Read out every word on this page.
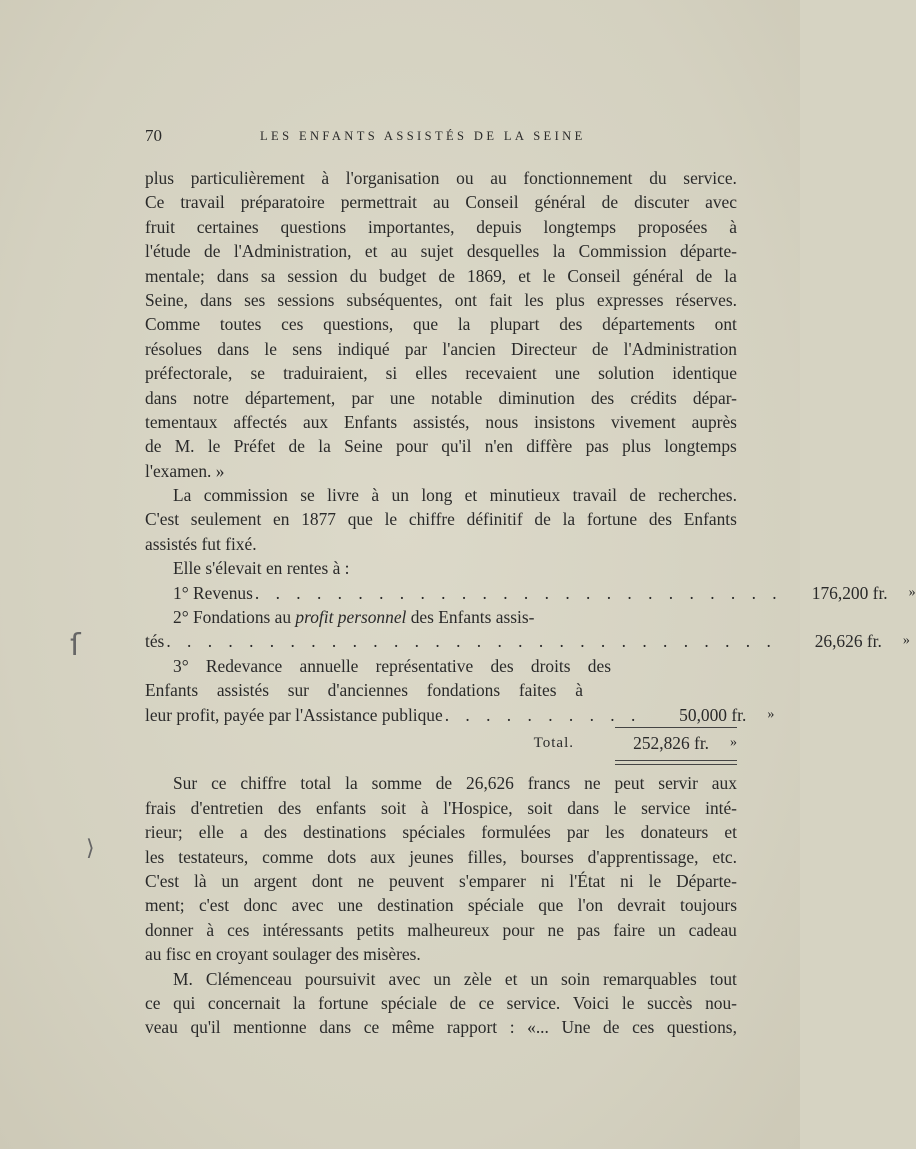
70	LES ENFANTS ASSISTÉS DE LA SEINE
ſ
⟩
plus particulièrement à l'organisation ou au fonctionnement du service.
Ce travail préparatoire permettrait au Conseil général de discuter avec
fruit certaines questions importantes, depuis longtemps proposées à
l'étude de l'Administration, et au sujet desquelles la Commission départe-
mentale; dans sa session du budget de 1869, et le Conseil général de la
Seine, dans ses sessions subséquentes, ont fait les plus expresses réserves.
Comme toutes ces questions, que la plupart des départements ont
résolues dans le sens indiqué par l'ancien Directeur de l'Administration
préfectorale, se traduiraient, si elles recevaient une solution identique
dans notre département, par une notable diminution des crédits dépar-
tementaux affectés aux Enfants assistés, nous insistons vivement auprès
de M. le Préfet de la Seine pour qu'il n'en diffère pas plus longtemps
l'examen. »
La commission se livre à un long et minutieux travail de recherches.
C'est seulement en 1877 que le chiffre définitif de la fortune des Enfants
assistés fut fixé.
Elle s'élevait en rentes à :
1° Revenus . . . . . . . . . . . . . . . . . . . . . . . . . .	176,200 fr.	»
2° Fondations au profit personnel des Enfants assis-
tés . . . . . . . . . . . . . . . . . . . . . . . . . . . . . .	26,626 fr.	»
3° Redevance annuelle représentative des droits des
Enfants assistés sur d'anciennes fondations faites à
leur profit, payée par l'Assistance publique . . . . . . . . . .	50,000 fr.	»
Total.	252,826 fr.	»
Sur ce chiffre total la somme de 26,626 francs ne peut servir aux
frais d'entretien des enfants soit à l'Hospice, soit dans le service inté-
rieur; elle a des destinations spéciales formulées par les donateurs et
les testateurs, comme dots aux jeunes filles, bourses d'apprentissage, etc.
C'est là un argent dont ne peuvent s'emparer ni l'État ni le Départe-
ment; c'est donc avec une destination spéciale que l'on devrait toujours
donner à ces intéressants petits malheureux pour ne pas faire un cadeau
au fisc en croyant soulager des misères.
M. Clémenceau poursuivit avec un zèle et un soin remarquables tout
ce qui concernait la fortune spéciale de ce service. Voici le succès nou-
veau qu'il mentionne dans ce même rapport : «... Une de ces questions,
